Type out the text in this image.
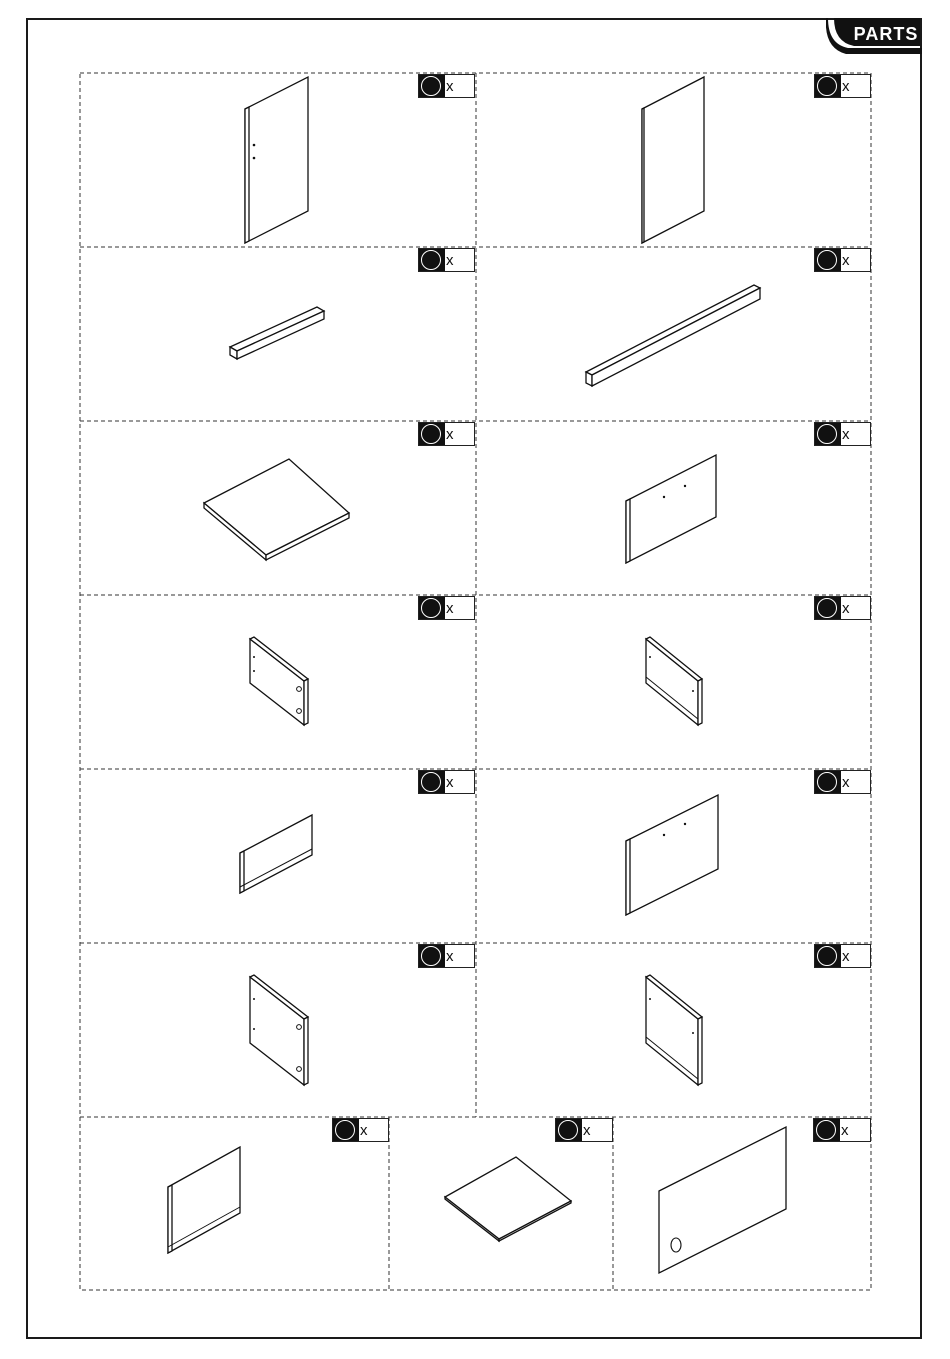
PARTS
x	x
x	x
x	x
x	x
x	x
x	x
x	x	x
